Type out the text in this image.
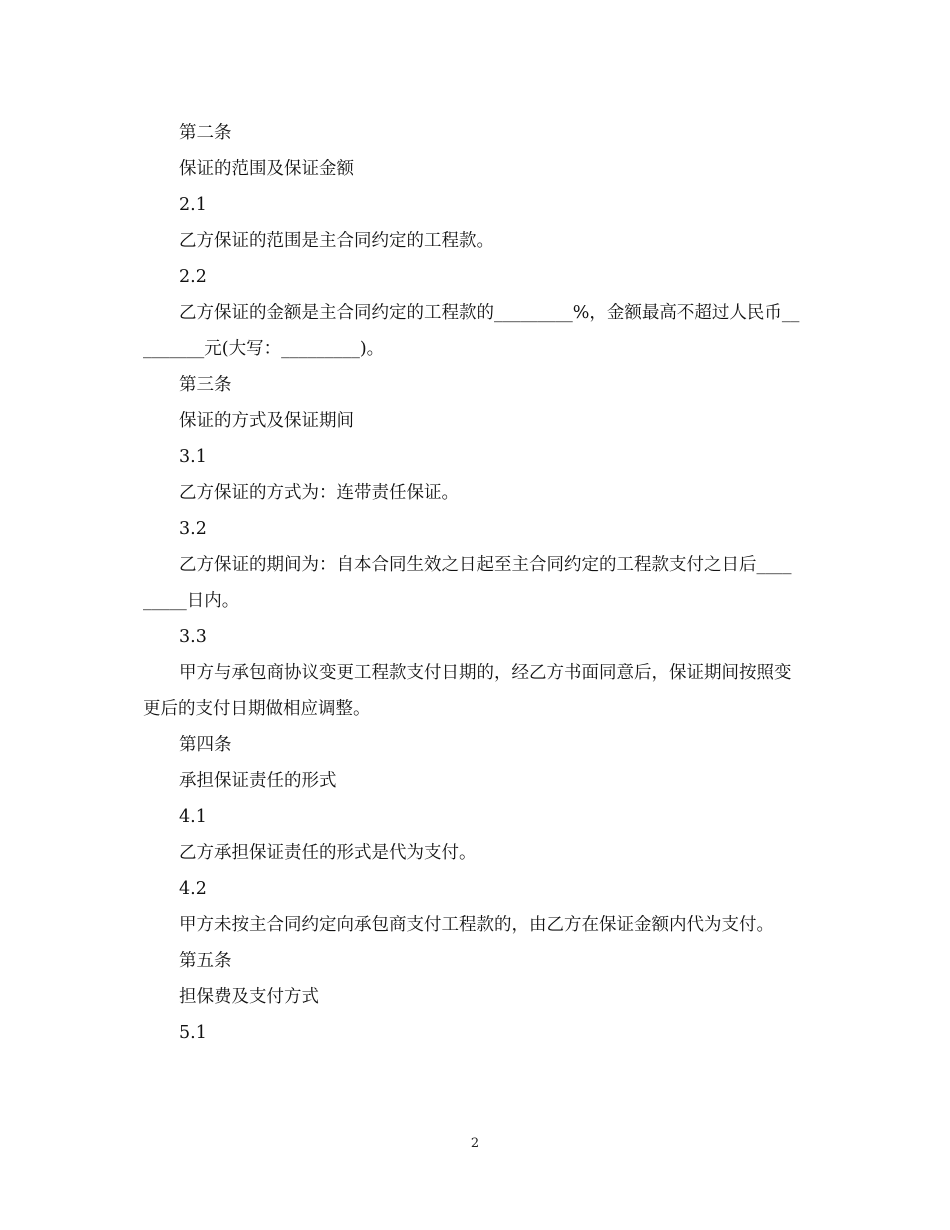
第二条

保证的范围及保证金额

2.1

乙方保证的范围是主合同约定的工程款。

2.2

乙方保证的金额是主合同约定的工程款的_________%，金额最高不超过人民币_________元(大写：_________)。

第三条

保证的方式及保证期间

3.1

乙方保证的方式为：连带责任保证。

3.2

乙方保证的期间为：自本合同生效之日起至主合同约定的工程款支付之日后_________日内。

3.3

甲方与承包商协议变更工程款支付日期的，经乙方书面同意后，保证期间按照变更后的支付日期做相应调整。

第四条

承担保证责任的形式

4.1

乙方承担保证责任的形式是代为支付。

4.2

甲方未按主合同约定向承包商支付工程款的，由乙方在保证金额内代为支付。

第五条

担保费及支付方式

5.1

2
